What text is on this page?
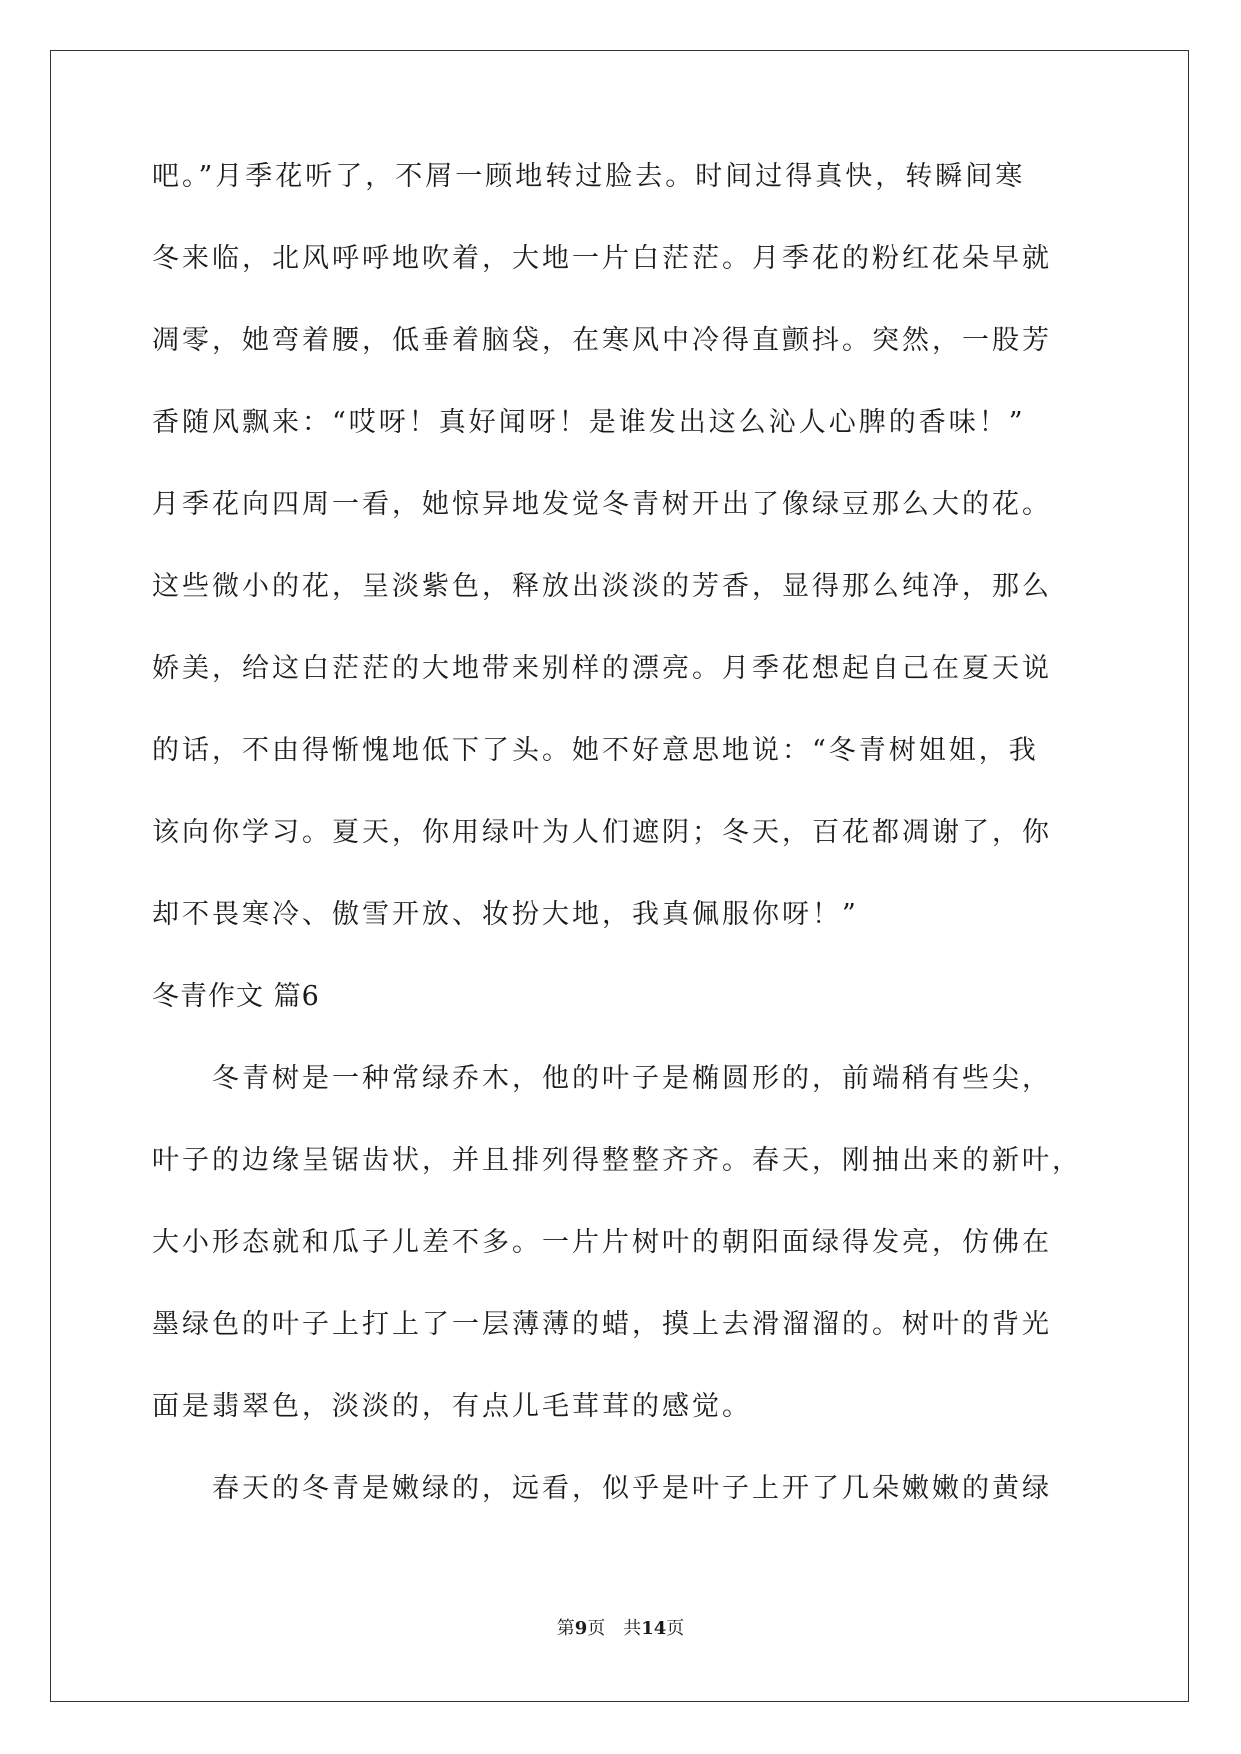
吧。”月季花听了，不屑一顾地转过脸去。时间过得真快，转瞬间寒
冬来临，北风呼呼地吹着，大地一片白茫茫。月季花的粉红花朵早就
凋零，她弯着腰，低垂着脑袋，在寒风中冷得直颤抖。突然，一股芳
香随风飘来：“哎呀！真好闻呀！是谁发出这么沁人心脾的香味！”
月季花向四周一看，她惊异地发觉冬青树开出了像绿豆那么大的花。
这些微小的花，呈淡紫色，释放出淡淡的芳香，显得那么纯净，那么
娇美，给这白茫茫的大地带来别样的漂亮。月季花想起自己在夏天说
的话，不由得惭愧地低下了头。她不好意思地说：“冬青树姐姐，我
该向你学习。夏天，你用绿叶为人们遮阴；冬天，百花都凋谢了，你
却不畏寒冷、傲雪开放、妆扮大地，我真佩服你呀！”
冬青作文 篇6
　　冬青树是一种常绿乔木，他的叶子是椭圆形的，前端稍有些尖，
叶子的边缘呈锯齿状，并且排列得整整齐齐。春天，刚抽出来的新叶，
大小形态就和瓜子儿差不多。一片片树叶的朝阳面绿得发亮，仿佛在
墨绿色的叶子上打上了一层薄薄的蜡，摸上去滑溜溜的。树叶的背光
面是翡翠色，淡淡的，有点儿毛茸茸的感觉。
　　春天的冬青是嫩绿的，远看，似乎是叶子上开了几朵嫩嫩的黄绿
第9页　共14页
